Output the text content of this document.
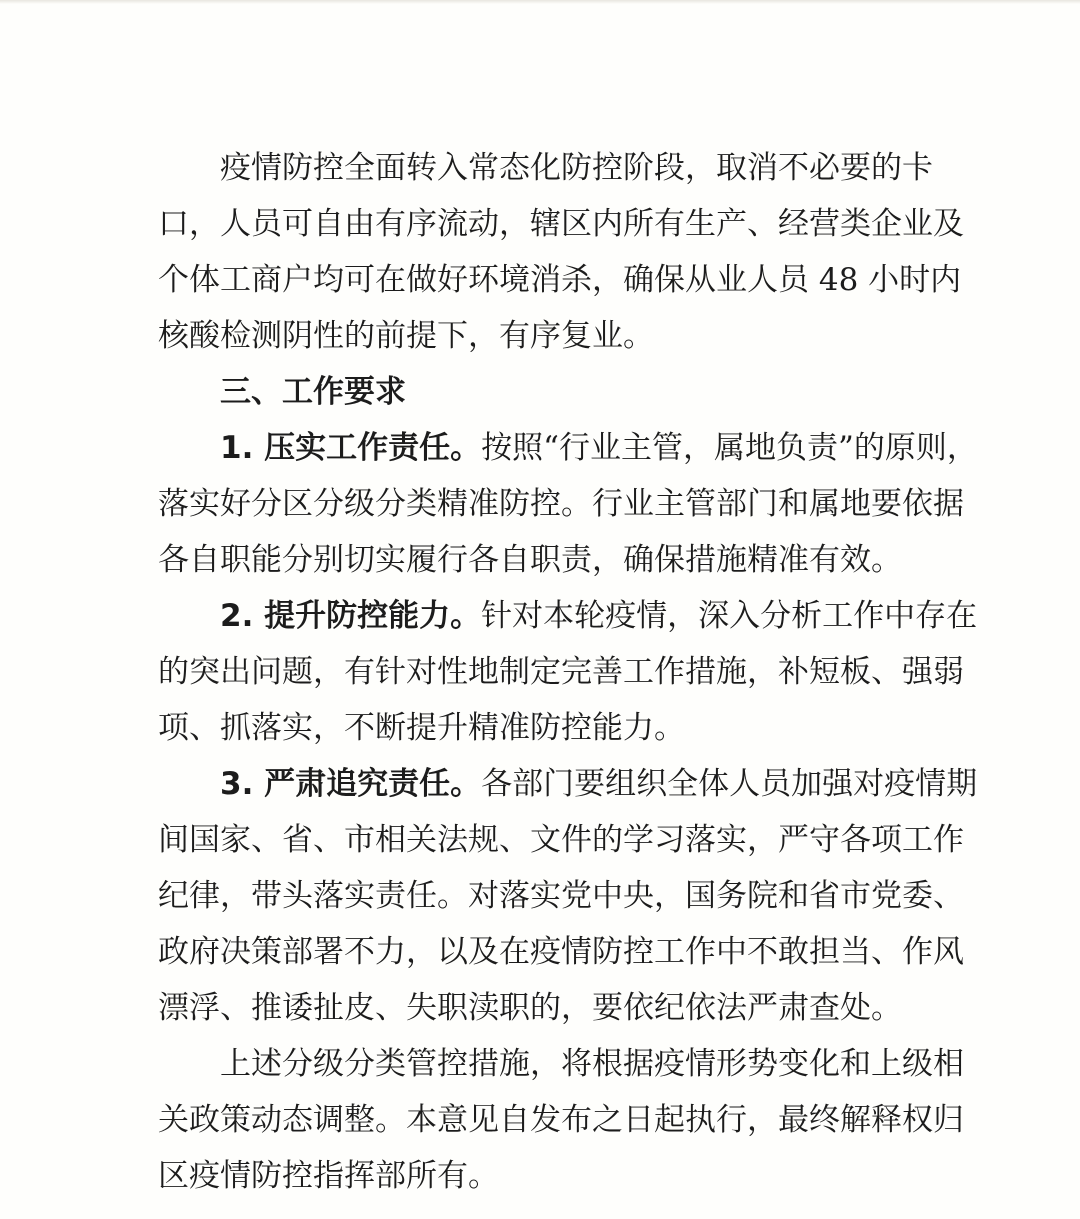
疫情防控全面转入常态化防控阶段，取消不必要的卡
口，人员可自由有序流动，辖区内所有生产、经营类企业及
个体工商户均可在做好环境消杀，确保从业人员 48 小时内
核酸检测阴性的前提下，有序复业。
三、工作要求
1. 压实工作责任。按照“行业主管，属地负责”的原则，
落实好分区分级分类精准防控。行业主管部门和属地要依据
各自职能分别切实履行各自职责，确保措施精准有效。
2. 提升防控能力。针对本轮疫情，深入分析工作中存在
的突出问题，有针对性地制定完善工作措施，补短板、强弱
项、抓落实，不断提升精准防控能力。
3. 严肃追究责任。各部门要组织全体人员加强对疫情期
间国家、省、市相关法规、文件的学习落实，严守各项工作
纪律，带头落实责任。对落实党中央，国务院和省市党委、
政府决策部署不力，以及在疫情防控工作中不敢担当、作风
漂浮、推诿扯皮、失职渎职的，要依纪依法严肃查处。
上述分级分类管控措施，将根据疫情形势变化和上级相
关政策动态调整。本意见自发布之日起执行，最终解释权归
区疫情防控指挥部所有。
